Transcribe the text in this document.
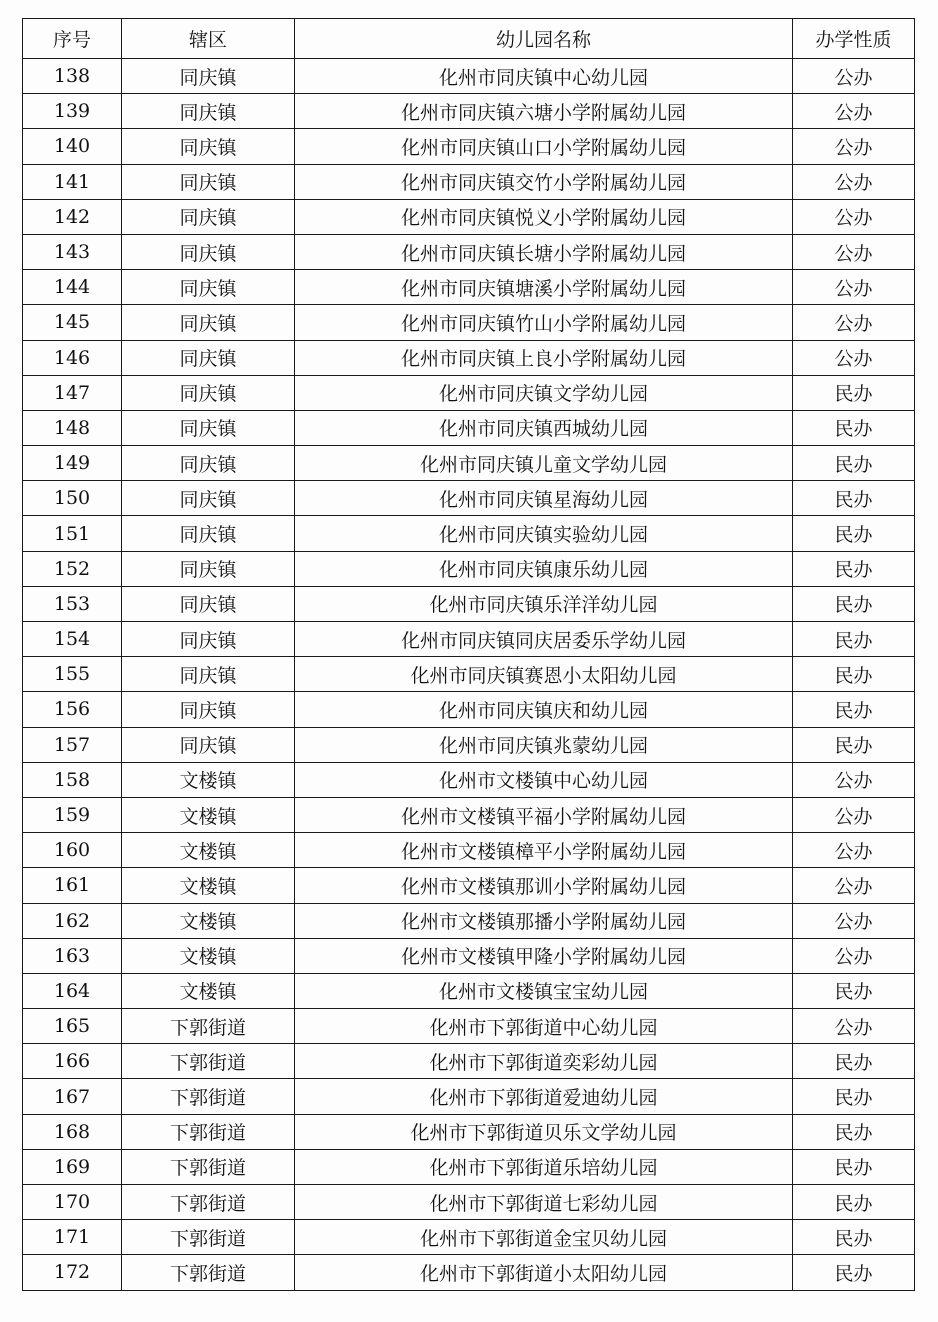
序号	辖区	幼儿园名称	办学性质
138	同庆镇	化州市同庆镇中心幼儿园	公办
139	同庆镇	化州市同庆镇六塘小学附属幼儿园	公办
140	同庆镇	化州市同庆镇山口小学附属幼儿园	公办
141	同庆镇	化州市同庆镇交竹小学附属幼儿园	公办
142	同庆镇	化州市同庆镇悦义小学附属幼儿园	公办
143	同庆镇	化州市同庆镇长塘小学附属幼儿园	公办
144	同庆镇	化州市同庆镇塘溪小学附属幼儿园	公办
145	同庆镇	化州市同庆镇竹山小学附属幼儿园	公办
146	同庆镇	化州市同庆镇上良小学附属幼儿园	公办
147	同庆镇	化州市同庆镇文学幼儿园	民办
148	同庆镇	化州市同庆镇西城幼儿园	民办
149	同庆镇	化州市同庆镇儿童文学幼儿园	民办
150	同庆镇	化州市同庆镇星海幼儿园	民办
151	同庆镇	化州市同庆镇实验幼儿园	民办
152	同庆镇	化州市同庆镇康乐幼儿园	民办
153	同庆镇	化州市同庆镇乐洋洋幼儿园	民办
154	同庆镇	化州市同庆镇同庆居委乐学幼儿园	民办
155	同庆镇	化州市同庆镇赛恩小太阳幼儿园	民办
156	同庆镇	化州市同庆镇庆和幼儿园	民办
157	同庆镇	化州市同庆镇兆蒙幼儿园	民办
158	文楼镇	化州市文楼镇中心幼儿园	公办
159	文楼镇	化州市文楼镇平福小学附属幼儿园	公办
160	文楼镇	化州市文楼镇樟平小学附属幼儿园	公办
161	文楼镇	化州市文楼镇那训小学附属幼儿园	公办
162	文楼镇	化州市文楼镇那播小学附属幼儿园	公办
163	文楼镇	化州市文楼镇甲隆小学附属幼儿园	公办
164	文楼镇	化州市文楼镇宝宝幼儿园	民办
165	下郭街道	化州市下郭街道中心幼儿园	公办
166	下郭街道	化州市下郭街道奕彩幼儿园	民办
167	下郭街道	化州市下郭街道爱迪幼儿园	民办
168	下郭街道	化州市下郭街道贝乐文学幼儿园	民办
169	下郭街道	化州市下郭街道乐培幼儿园	民办
170	下郭街道	化州市下郭街道七彩幼儿园	民办
171	下郭街道	化州市下郭街道金宝贝幼儿园	民办
172	下郭街道	化州市下郭街道小太阳幼儿园	民办
